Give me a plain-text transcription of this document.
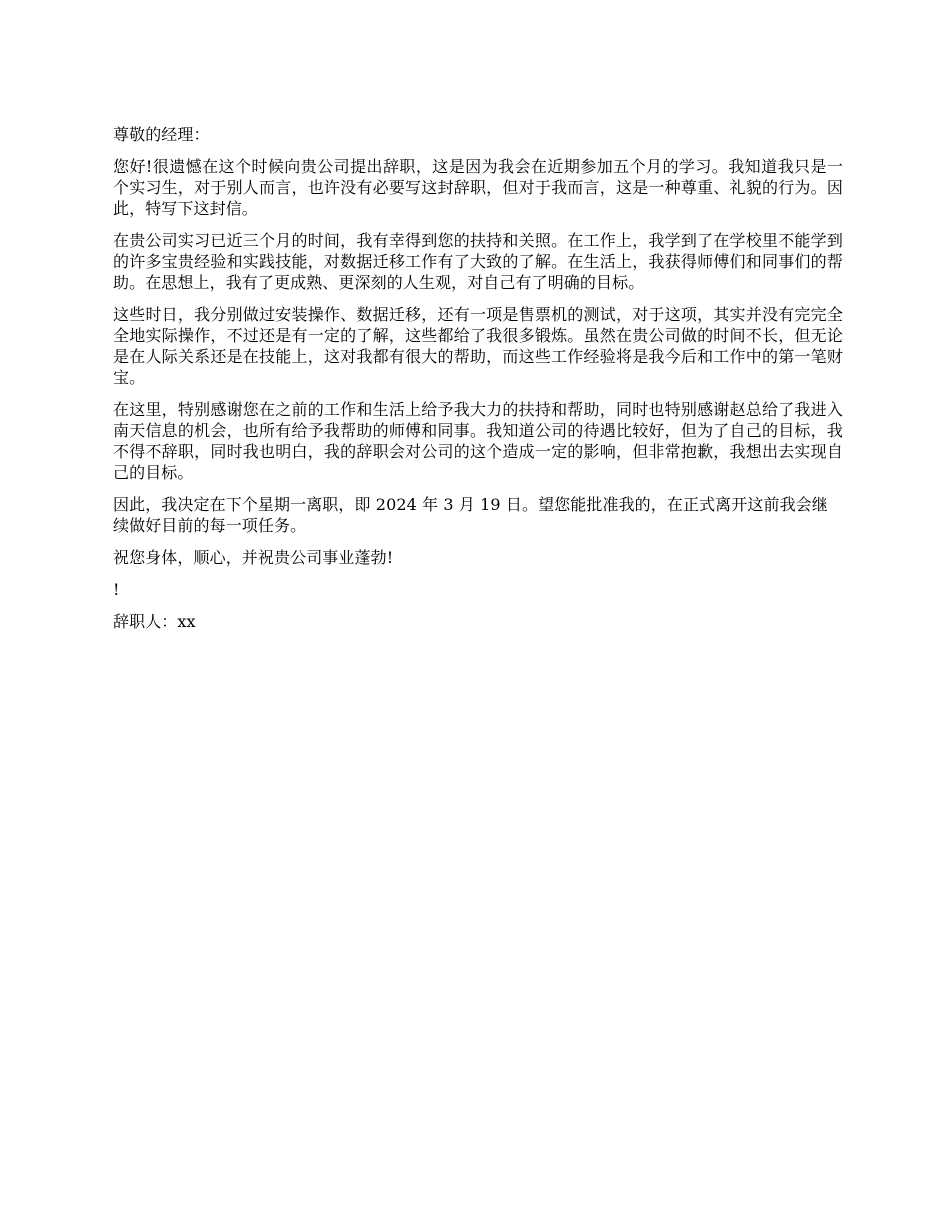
尊敬的经理：

您好!很遗憾在这个时候向贵公司提出辞职，这是因为我会在近期参加五个月的学习。我知道我只是一个实习生，对于别人而言，也许没有必要写这封辞职，但对于我而言，这是一种尊重、礼貌的行为。因此，特写下这封信。

在贵公司实习已近三个月的时间，我有幸得到您的扶持和关照。在工作上，我学到了在学校里不能学到的许多宝贵经验和实践技能，对数据迁移工作有了大致的了解。在生活上，我获得师傅们和同事们的帮助。在思想上，我有了更成熟、更深刻的人生观，对自己有了明确的目标。

这些时日，我分别做过安装操作、数据迁移，还有一项是售票机的测试，对于这项，其实并没有完完全全地实际操作，不过还是有一定的了解，这些都给了我很多锻炼。虽然在贵公司做的时间不长，但无论是在人际关系还是在技能上，这对我都有很大的帮助，而这些工作经验将是我今后和工作中的第一笔财宝。

在这里，特别感谢您在之前的工作和生活上给予我大力的扶持和帮助，同时也特别感谢赵总给了我进入南天信息的机会，也所有给予我帮助的师傅和同事。我知道公司的待遇比较好，但为了自己的目标，我不得不辞职，同时我也明白，我的辞职会对公司的这个造成一定的影响，但非常抱歉，我想出去实现自己的目标。

因此，我决定在下个星期一离职，即 2024 年 3 月 19 日。望您能批准我的，在正式离开这前我会继续做好目前的每一项任务。

祝您身体，顺心，并祝贵公司事业蓬勃!

!

辞职人：xx
